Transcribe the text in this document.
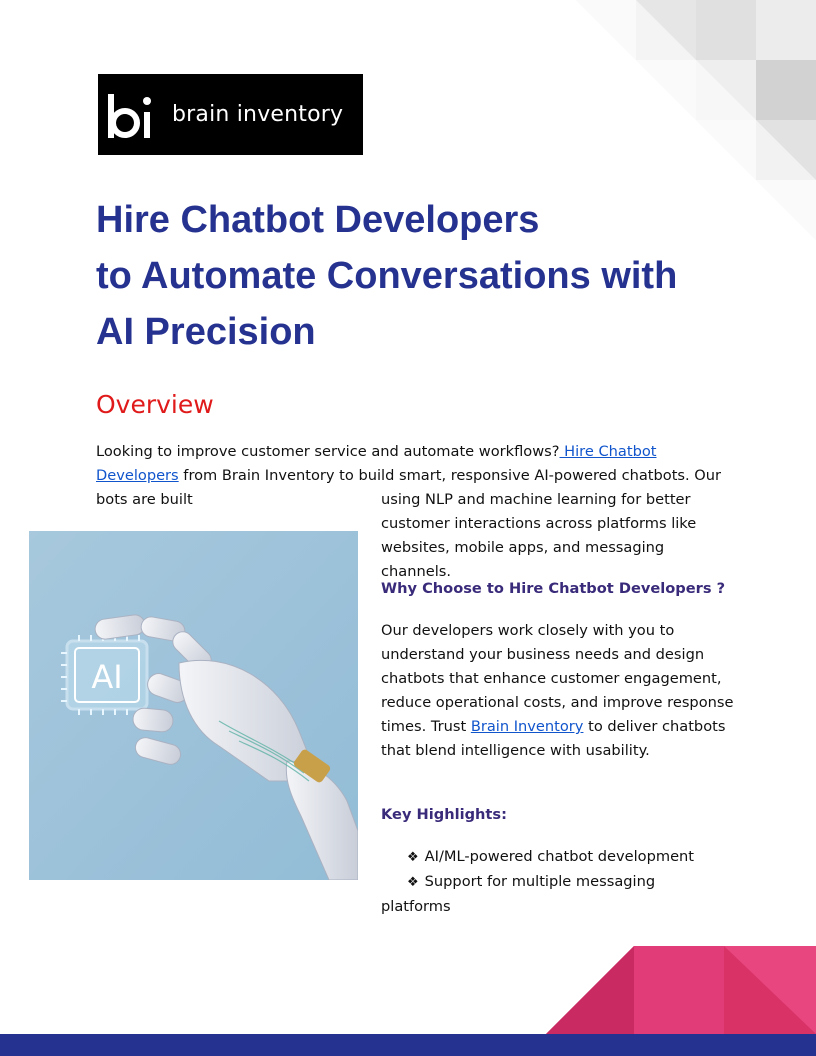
brain inventory
Hire Chatbot Developers
to Automate Conversations with
AI Precision
Overview

Looking to improve customer service and automate workflows? Hire Chatbot Developers from Brain Inventory to build smart, responsive AI-powered chatbots. Our bots are built	using NLP and machine learning for better customer interactions across platforms like websites, mobile apps, and messaging channels.

AI
Why Choose to Hire Chatbot Developers ?

Our developers work closely with you to understand your business needs and design chatbots that enhance customer engagement, reduce operational costs, and improve response times. Trust Brain Inventory to deliver chatbots that blend intelligence with usability.

Key Highlights:
❖ AI/ML-powered chatbot development
❖ Support for multiple messaging platforms
